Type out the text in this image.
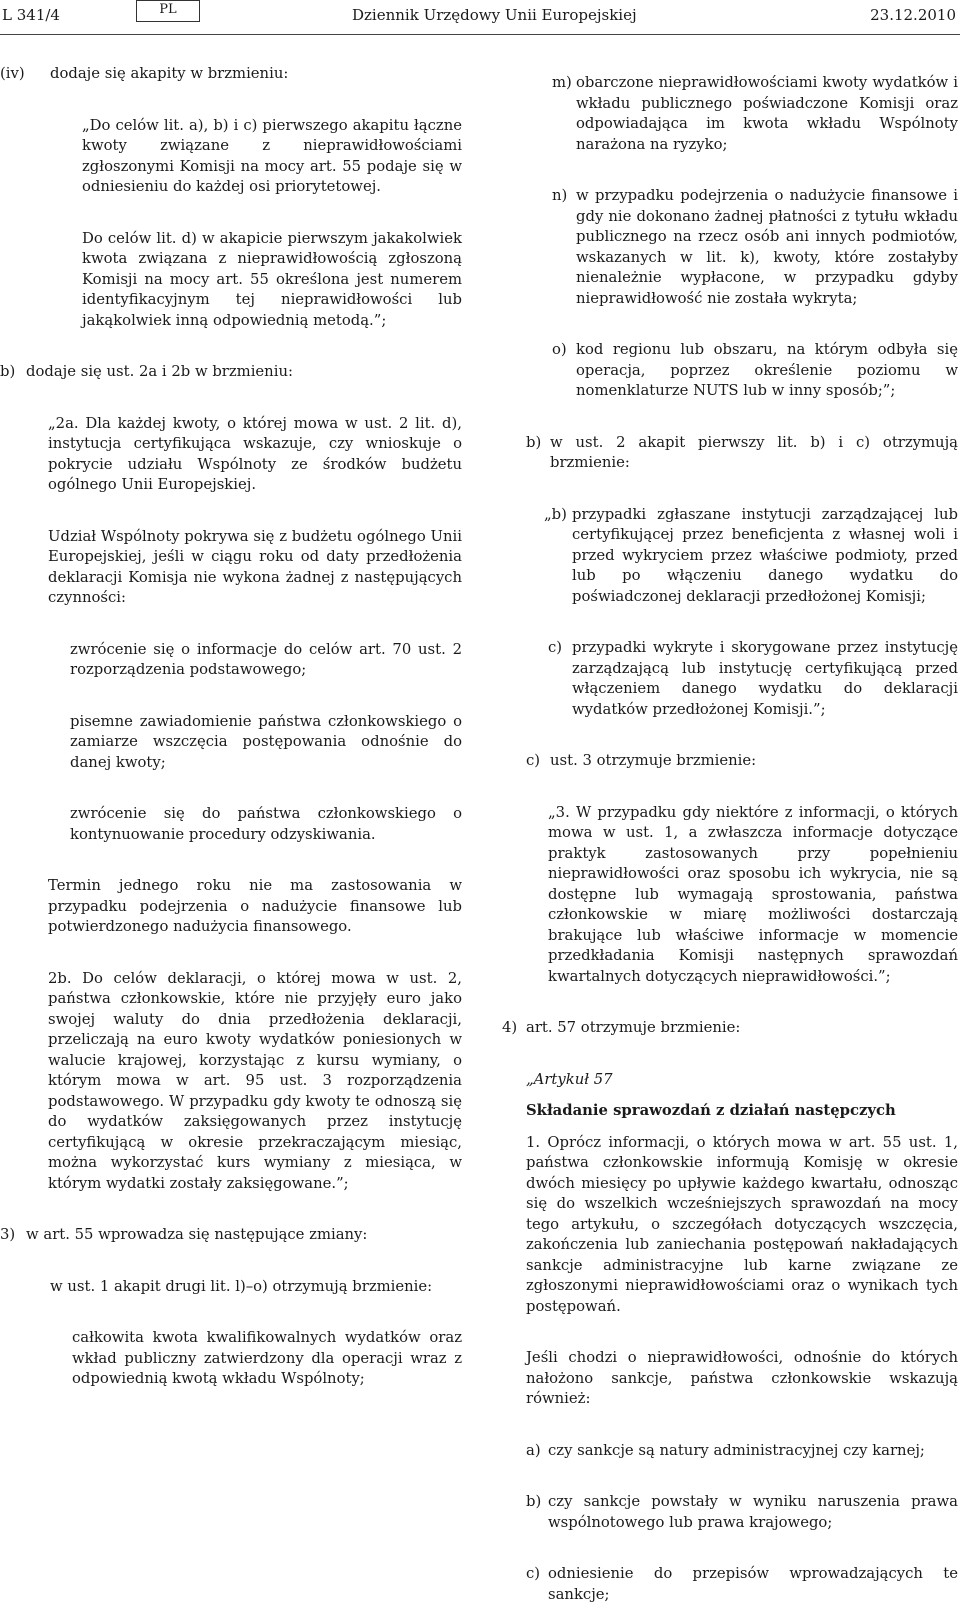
L 341/4	PL	Dziennik Urzędowy Unii Europejskiej	23.12.2010

(iv) dodaje się akapity w brzmieniu:

„Do celów lit. a), b) i c) pierwszego akapitu łączne kwoty związane z nieprawidłowościami zgłoszonymi Komisji na mocy art. 55 podaje się w odniesieniu do każdej osi priorytetowej.

Do celów lit. d) w akapicie pierwszym jakakolwiek kwota związana z nieprawidłowością zgłoszoną Komisji na mocy art. 55 określona jest numerem identyfikacyjnym tej nieprawidłowości lub jakąkolwiek inną odpowiednią metodą.”;

b) dodaje się ust. 2a i 2b w brzmieniu:

„2a. Dla każdej kwoty, o której mowa w ust. 2 lit. d), instytucja certyfikująca wskazuje, czy wnioskuje o pokrycie udziału Wspólnoty ze środków budżetu ogólnego Unii Europejskiej.

Udział Wspólnoty pokrywa się z budżetu ogólnego Unii Europejskiej, jeśli w ciągu roku od daty przedłożenia deklaracji Komisja nie wykona żadnej z następujących czynności:

zwrócenie się o informacje do celów art. 70 ust. 2 rozporządzenia podstawowego;

pisemne zawiadomienie państwa członkowskiego o zamiarze wszczęcia postępowania odnośnie do danej kwoty;

zwrócenie się do państwa członkowskiego o kontynuowanie procedury odzyskiwania.

Termin jednego roku nie ma zastosowania w przypadku podejrzenia o nadużycie finansowe lub potwierdzonego nadużycia finansowego.

2b. Do celów deklaracji, o której mowa w ust. 2, państwa członkowskie, które nie przyjęły euro jako swojej waluty do dnia przedłożenia deklaracji, przeliczają na euro kwoty wydatków poniesionych w walucie krajowej, korzystając z kursu wymiany, o którym mowa w art. 95 ust. 3 rozporządzenia podstawowego. W przypadku gdy kwoty te odnoszą się do wydatków zaksięgowanych przez instytucję certyfikującą w okresie przekraczającym miesiąc, można wykorzystać kurs wymiany z miesiąca, w którym wydatki zostały zaksięgowane.”;

3) w art. 55 wprowadza się następujące zmiany:

w ust. 1 akapit drugi lit. l)–o) otrzymują brzmienie:

całkowita kwota kwalifikowalnych wydatków oraz wkład publiczny zatwierdzony dla operacji wraz z odpowiednią kwotą wkładu Wspólnoty;

m) obarczone nieprawidłowościami kwoty wydatków i wkładu publicznego poświadczone Komisji oraz odpowiadająca im kwota wkładu Wspólnoty narażona na ryzyko;

n) w przypadku podejrzenia o nadużycie finansowe i gdy nie dokonano żadnej płatności z tytułu wkładu publicznego na rzecz osób ani innych podmiotów, wskazanych w lit. k), kwoty, które zostałyby nienależnie wypłacone, w przypadku gdyby nieprawidłowość nie została wykryta;

o) kod regionu lub obszaru, na którym odbyła się operacja, poprzez określenie poziomu w nomenklaturze NUTS lub w inny sposób;”;

b) w ust. 2 akapit pierwszy lit. b) i c) otrzymują brzmienie:

„b) przypadki zgłaszane instytucji zarządzającej lub certyfikującej przez beneficjenta z własnej woli i przed wykryciem przez właściwe podmioty, przed lub po włączeniu danego wydatku do poświadczonej deklaracji przedłożonej Komisji;

c) przypadki wykryte i skorygowane przez instytucję zarządzającą lub instytucję certyfikującą przed włączeniem danego wydatku do deklaracji wydatków przedłożonej Komisji.”;

c) ust. 3 otrzymuje brzmienie:

„3. W przypadku gdy niektóre z informacji, o których mowa w ust. 1, a zwłaszcza informacje dotyczące praktyk zastosowanych przy popełnieniu nieprawidłowości oraz sposobu ich wykrycia, nie są dostępne lub wymagają sprostowania, państwa członkowskie w miarę możliwości dostarczają brakujące lub właściwe informacje w momencie przedkładania Komisji następnych sprawozdań kwartalnych dotyczących nieprawidłowości.”;

4) art. 57 otrzymuje brzmienie:

„Artykuł 57

Składanie sprawozdań z działań następczych

1. Oprócz informacji, o których mowa w art. 55 ust. 1, państwa członkowskie informują Komisję w okresie dwóch miesięcy po upływie każdego kwartału, odnosząc się do wszelkich wcześniejszych sprawozdań na mocy tego artykułu, o szczegółach dotyczących wszczęcia, zakończenia lub zaniechania postępowań nakładających sankcje administracyjne lub karne związane ze zgłoszonymi nieprawidłowościami oraz o wynikach tych postępowań.

Jeśli chodzi o nieprawidłowości, odnośnie do których nałożono sankcje, państwa członkowskie wskazują również:

a) czy sankcje są natury administracyjnej czy karnej;

b) czy sankcje powstały w wyniku naruszenia prawa wspólnotowego lub prawa krajowego;

c) odniesienie do przepisów wprowadzających te sankcje;
